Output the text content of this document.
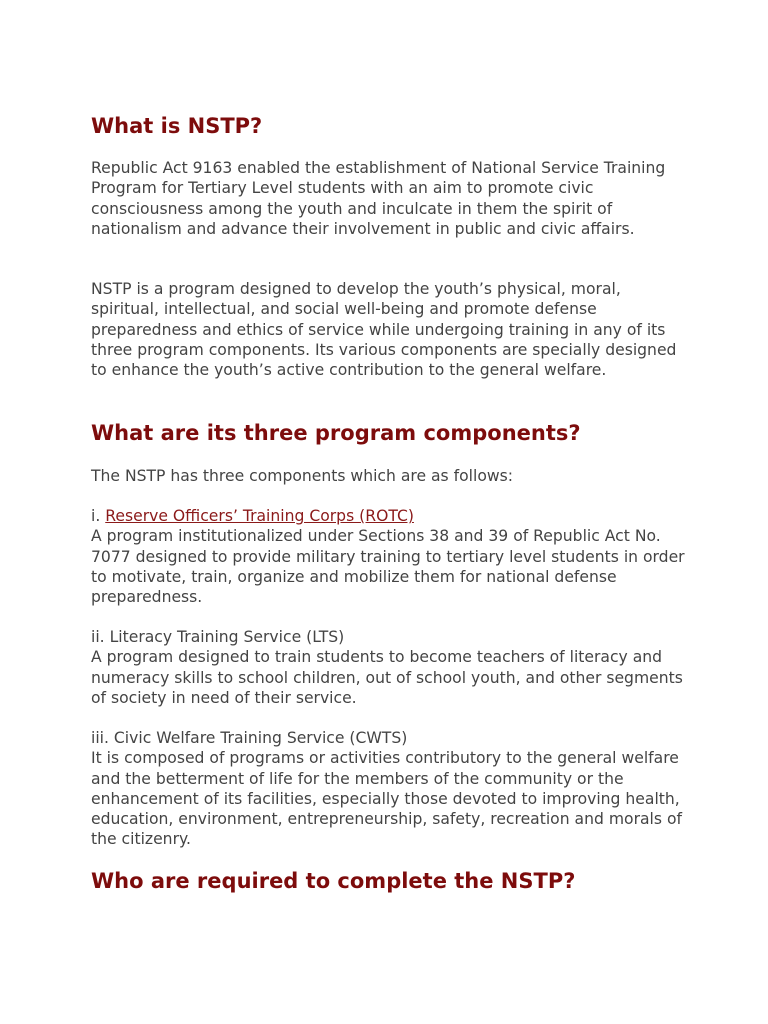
What is NSTP?

Republic Act 9163 enabled the establishment of National Service Training Program for Tertiary Level students with an aim to promote civic consciousness among the youth and inculcate in them the spirit of nationalism and advance their involvement in public and civic affairs.

NSTP is a program designed to develop the youth’s physical, moral, spiritual, intellectual, and social well-being and promote defense preparedness and ethics of service while undergoing training in any of its three program components. Its various components are specially designed to enhance the youth’s active contribution to the general welfare.

What are its three program components?

The NSTP has three components which are as follows:

i. Reserve Officers’ Training Corps (ROTC)
A program institutionalized under Sections 38 and 39 of Republic Act No. 7077 designed to provide military training to tertiary level students in order to motivate, train, organize and mobilize them for national defense preparedness.

ii. Literacy Training Service (LTS)
A program designed to train students to become teachers of literacy and numeracy skills to school children, out of school youth, and other segments of society in need of their service.

iii. Civic Welfare Training Service (CWTS)
It is composed of programs or activities contributory to the general welfare and the betterment of life for the members of the community or the enhancement of its facilities, especially those devoted to improving health, education, environment, entrepreneurship, safety, recreation and morals of the citizenry.

Who are required to complete the NSTP?
